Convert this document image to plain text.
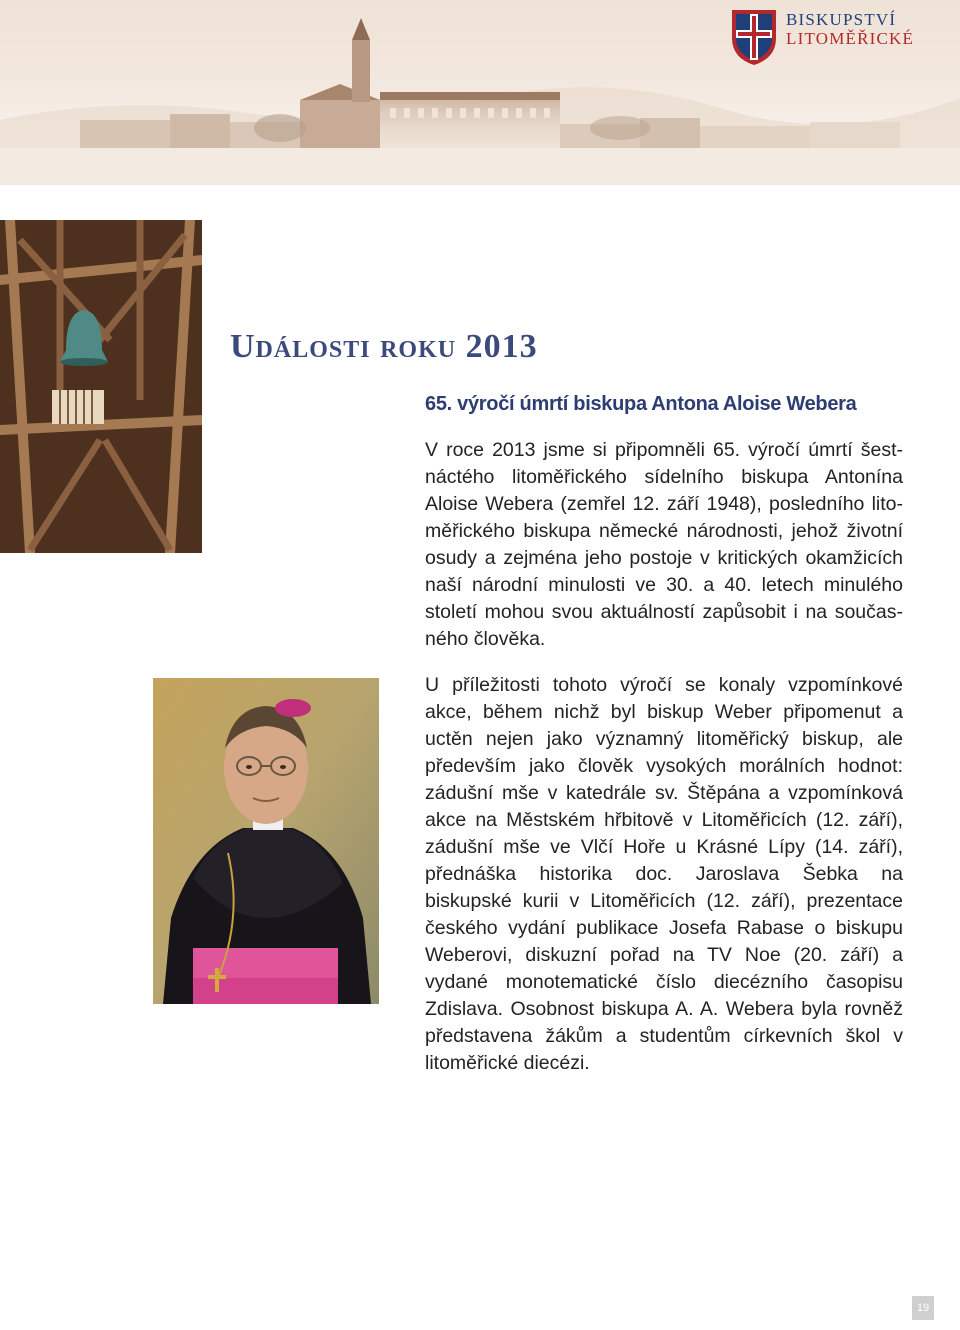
BISKUPSTVÍ
LITOMĚŘICKÉ
Události roku 2013
65. výročí úmrtí biskupa Antona Aloise Webera

V roce 2013 jsme si připomněli 65. výročí úmrtí šestnáctého litoměřického sídelního biskupa Antonína Aloise Webera (zemřel 12. září 1948), posledního litoměřického biskupa německé národnosti, jehož životní osudy a zejména jeho postoje v kritických okamžicích naší národní minulosti ve 30. a 40. letech minulého století mohou svou aktuálností zapůsobit i na současného člověka.

U příležitosti tohoto výročí se konaly vzpomínkové akce, během nichž byl biskup Weber připomenut a uctěn nejen jako významný litoměřický biskup, ale především jako člověk vysokých morálních hodnot: zádušní mše v katedrále sv. Štěpána a vzpomínková akce na Městském hřbitově v Litoměřicích (12. září), zádušní mše ve Vlčí Hoře u Krásné Lípy (14. září), přednáška historika doc. Jaroslava Šebka na biskupské kurii v Litoměřicích (12. září), prezentace českého vydání publikace Josefa Rabase o biskupu Weberovi, diskuzní pořad na TV Noe (20. září) a vydané monotematické číslo diecézního časopisu Zdislava. Osobnost biskupa A. A. Webera byla rovněž představena žákům a studentům církevních škol v litoměřické diecézi.

19
